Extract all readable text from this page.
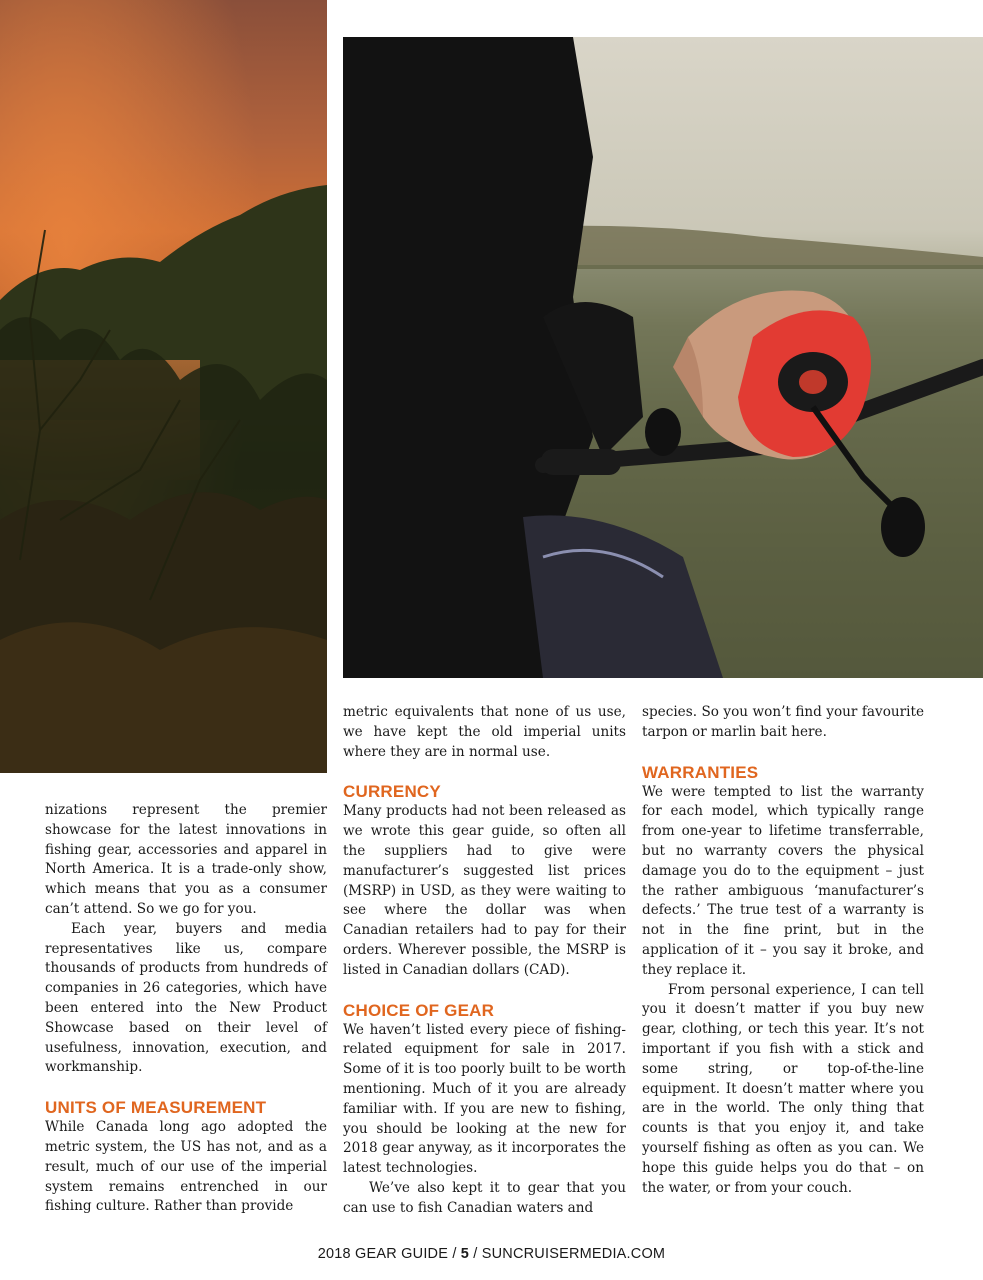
nizations represent the premier showcase for the latest innovations in fishing gear, accessories and apparel in North America. It is a trade-only show, which means that you as a consumer can’t attend. So we go for you.

Each year, buyers and media representatives like us, compare thousands of products from hundreds of companies in 26 categories, which have been entered into the New Product Showcase based on their level of usefulness, innovation, execution, and workmanship.

UNITS OF MEASUREMENT

While Canada long ago adopted the metric system, the US has not, and as a result, much of our use of the imperial system remains entrenched in our fishing culture. Rather than provide

metric equivalents that none of us use, we have kept the old imperial units where they are in normal use.

CURRENCY

Many products had not been released as we wrote this gear guide, so often all the suppliers had to give were manufacturer’s suggested list prices (MSRP) in USD, as they were waiting to see where the dollar was when Canadian retailers had to pay for their orders. Wherever possible, the MSRP is listed in Canadian dollars (CAD).

CHOICE OF GEAR

We haven’t listed every piece of fishing-related equipment for sale in 2017. Some of it is too poorly built to be worth mentioning. Much of it you are already familiar with. If you are new to fishing, you should be looking at the new for 2018 gear anyway, as it incorporates the latest technologies.

We’ve also kept it to gear that you can use to fish Canadian waters and

species. So you won’t find your favourite tarpon or marlin bait here.

WARRANTIES

We were tempted to list the warranty for each model, which typically range from one-year to lifetime transferrable, but no warranty covers the physical damage you do to the equipment – just the rather ambiguous ‘manufacturer’s defects.’ The true test of a warranty is not in the fine print, but in the application of it – you say it broke, and they replace it.

From personal experience, I can tell you it doesn’t matter if you buy new gear, clothing, or tech this year. It’s not important if you fish with a stick and some string, or top-of-the-line equipment. It doesn’t matter where you are in the world. The only thing that counts is that you enjoy it, and take yourself fishing as often as you can. We hope this guide helps you do that – on the water, or from your couch.

2018 GEAR GUIDE / 5 / SUNCRUISERMEDIA.COM
